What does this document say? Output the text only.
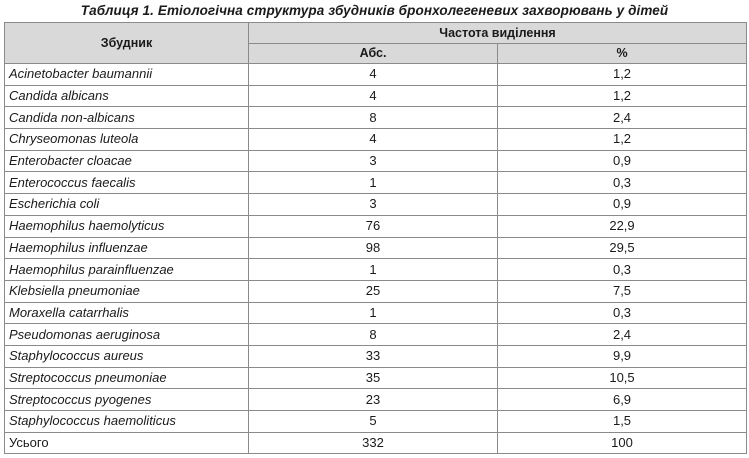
Таблиця 1. Етіологічна структура збудників бронхолегеневих захворювань у дітей
Збудник	Частота виділення	
	Абс.	%
Acinetobacter baumannii	4	1,2
Candida albicans	4	1,2
Candida non-albicans	8	2,4
Chryseomonas luteola	4	1,2
Enterobacter cloacae	3	0,9
Enterococcus faecalis	1	0,3
Escherichia coli	3	0,9
Haemophilus haemolyticus	76	22,9
Haemophilus influenzae	98	29,5
Haemophilus parainfluenzae	1	0,3
Klebsiella pneumoniae	25	7,5
Moraxella catarrhalis	1	0,3
Pseudomonas aeruginosa	8	2,4
Staphylococcus aureus	33	9,9
Streptococcus pneumoniae	35	10,5
Streptococcus pyogenes	23	6,9
Staphylococcus haemoliticus	5	1,5
Усього	332	100
